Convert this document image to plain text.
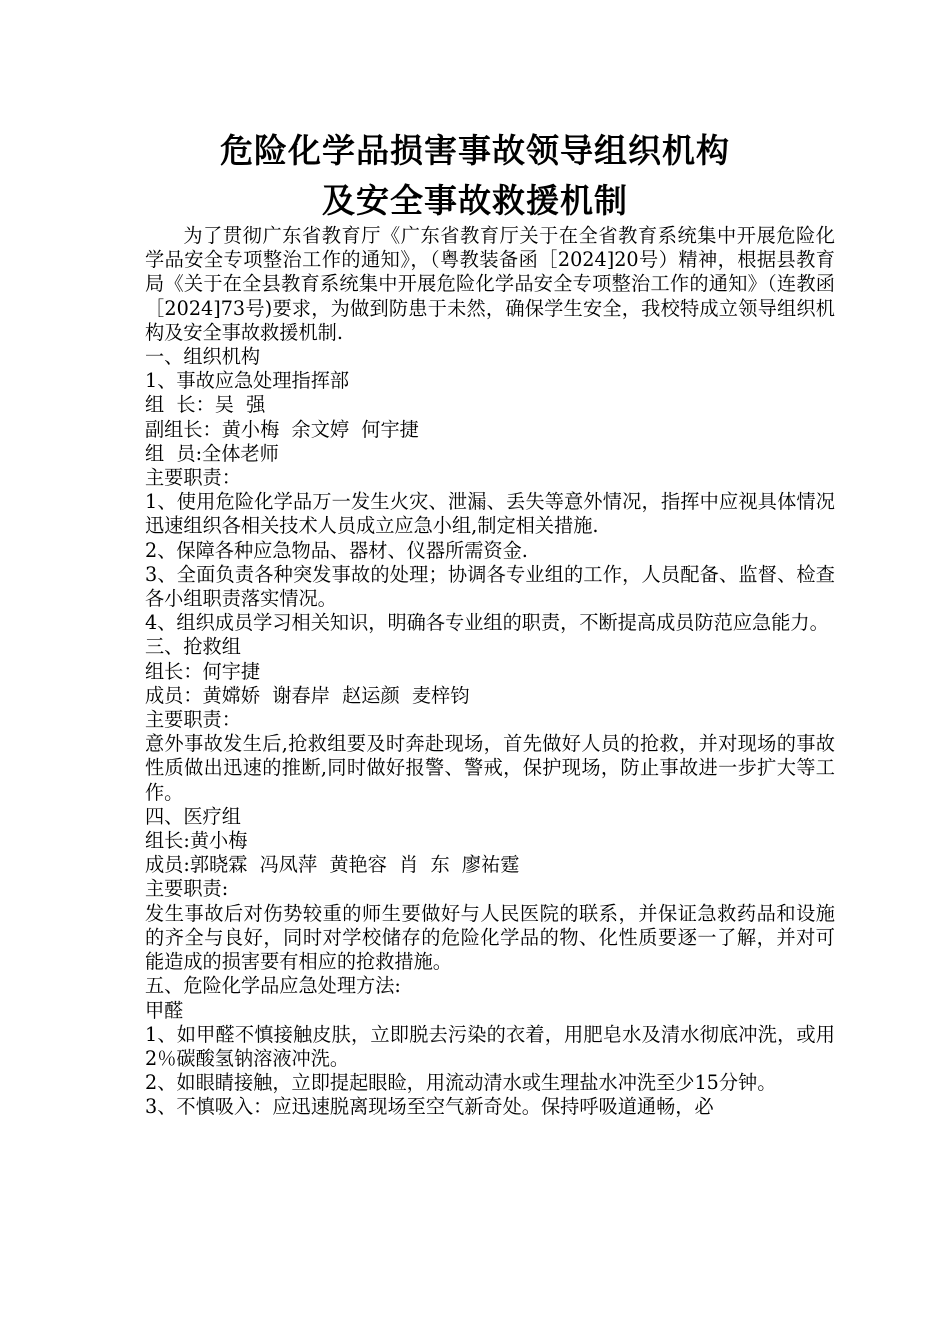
危险化学品损害事故领导组织机构
及安全事故救援机制

为了贯彻广东省教育厅《广东省教育厅关于在全省教育系统集中开展危险化学品安全专项整治工作的通知》，（粤教装备函［2024]20号）精神，根据县教育局《关于在全县教育系统集中开展危险化学品安全专项整治工作的通知》（连教函［2024]73号)要求，为做到防患于未然，确保学生安全，我校特成立领导组织机构及安全事故救援机制.

一、组织机构

1、事故应急处理指挥部

组  长：吴  强

副组长：黄小梅  余文婷  何宇捷

组  员:全体老师

主要职责：

1、使用危险化学品万一发生火灾、泄漏、丢失等意外情况，指挥中应视具体情况迅速组织各相关技术人员成立应急小组,制定相关措施.

2、保障各种应急物品、器材、仪器所需资金.

3、全面负责各种突发事故的处理；协调各专业组的工作，人员配备、监督、检查各小组职责落实情况。

4、组织成员学习相关知识，明确各专业组的职责，不断提高成员防范应急能力。

三、抢救组

组长：何宇捷

成员：黄嫦娇  谢春岸  赵运颜  麦梓钧

主要职责：

意外事故发生后,抢救组要及时奔赴现场，首先做好人员的抢救，并对现场的事故性质做出迅速的推断,同时做好报警、警戒，保护现场，防止事故进一步扩大等工作。

四、医疗组

组长:黄小梅

成员:郭晓霖  冯凤萍  黄艳容  肖  东  廖祐霆

主要职责:

发生事故后对伤势较重的师生要做好与人民医院的联系，并保证急救药品和设施的齐全与良好，同时对学校储存的危险化学品的物、化性质要逐一了解，并对可能造成的损害要有相应的抢救措施。

五、危险化学品应急处理方法:

甲醛

1、如甲醛不慎接触皮肤，立即脱去污染的衣着，用肥皂水及清水彻底冲洗，或用2％碳酸氢钠溶液冲洗。

2、如眼睛接触，立即提起眼睑，用流动清水或生理盐水冲洗至少15分钟。

3、不慎吸入：应迅速脱离现场至空气新奇处。保持呼吸道通畅，必
